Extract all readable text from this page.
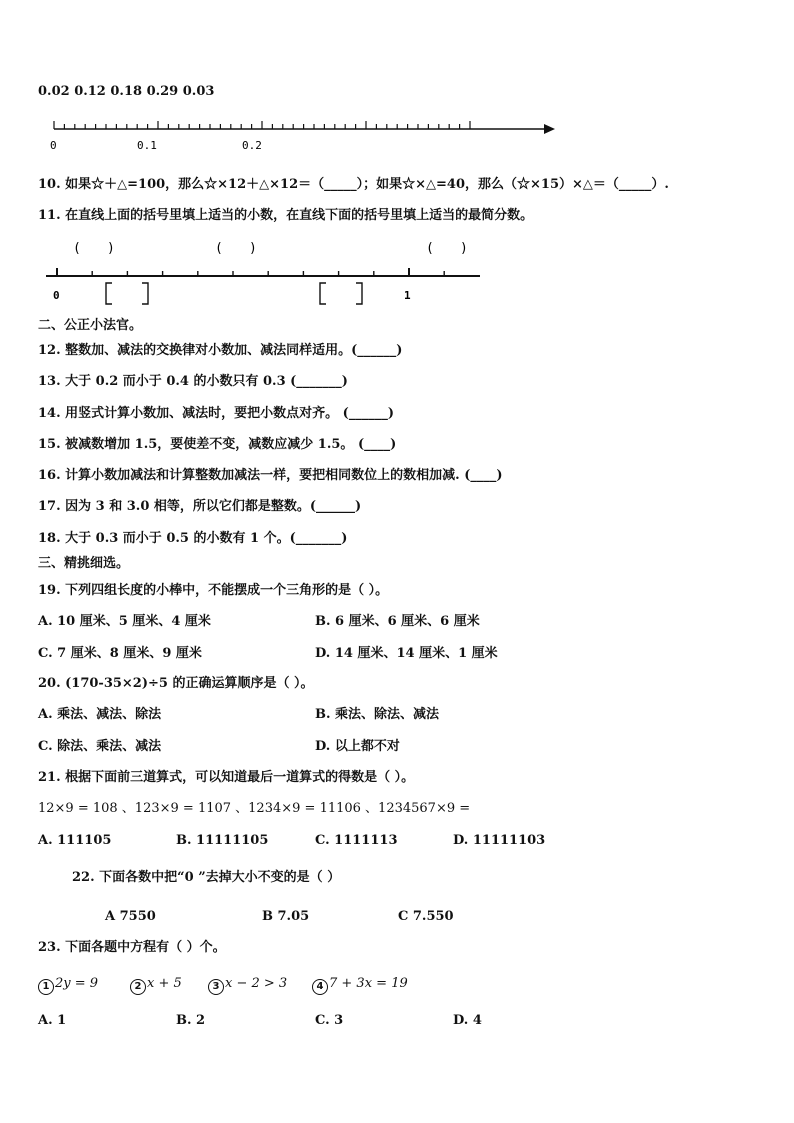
0.02 0.12 0.18 0.29 0.03
0	0.1	0.2
10. 如果☆＋△=100，那么☆×12＋△×12＝（_____）；如果☆×△=40，那么（☆×15）×△＝（_____）.
11. 在直线上面的括号里填上适当的小数，在直线下面的括号里填上适当的最简分数。
( )	( )	( )
0	1
二、公正小法官。
12. 整数加、减法的交换律对小数加、减法同样适用。(______)
13. 大于 0.2 而小于 0.4 的小数只有 0.3 (_______)
14. 用竖式计算小数加、减法时，要把小数点对齐。 (______)
15. 被减数增加 1.5，要使差不变，减数应减少 1.5。 (____)
16. 计算小数加减法和计算整数加减法一样，要把相同数位上的数相加减. (____)
17. 因为 3 和 3.0 相等，所以它们都是整数。(______)
18. 大于 0.3 而小于 0.5 的小数有 1 个。(_______)
三、精挑细选。
19. 下列四组长度的小棒中，不能摆成一个三角形的是（ ）。
A. 10 厘米、5 厘米、4 厘米	B. 6 厘米、6 厘米、6 厘米
C. 7 厘米、8 厘米、9 厘米	D. 14 厘米、14 厘米、1 厘米
20. (170-35×2)÷5 的正确运算顺序是（ ）。
A. 乘法、减法、除法	B. 乘法、除法、减法
C. 除法、乘法、减法	D. 以上都不对
21. 根据下面前三道算式，可以知道最后一道算式的得数是（ ）。
12×9 = 108 、123×9 = 1107 、1234×9 = 11106 、1234567×9 =
A. 111105	B. 11111105	C. 1111113	D. 11111103
22. 下面各数中把“0 ”去掉大小不变的是（ ）
A 7550	B 7.05	C 7.550
23. 下面各题中方程有（ ）个。
1 2y = 9	2 x + 5	3 x − 2 > 3	4 7 + 3x = 19
A. 1	B. 2	C. 3	D. 4
